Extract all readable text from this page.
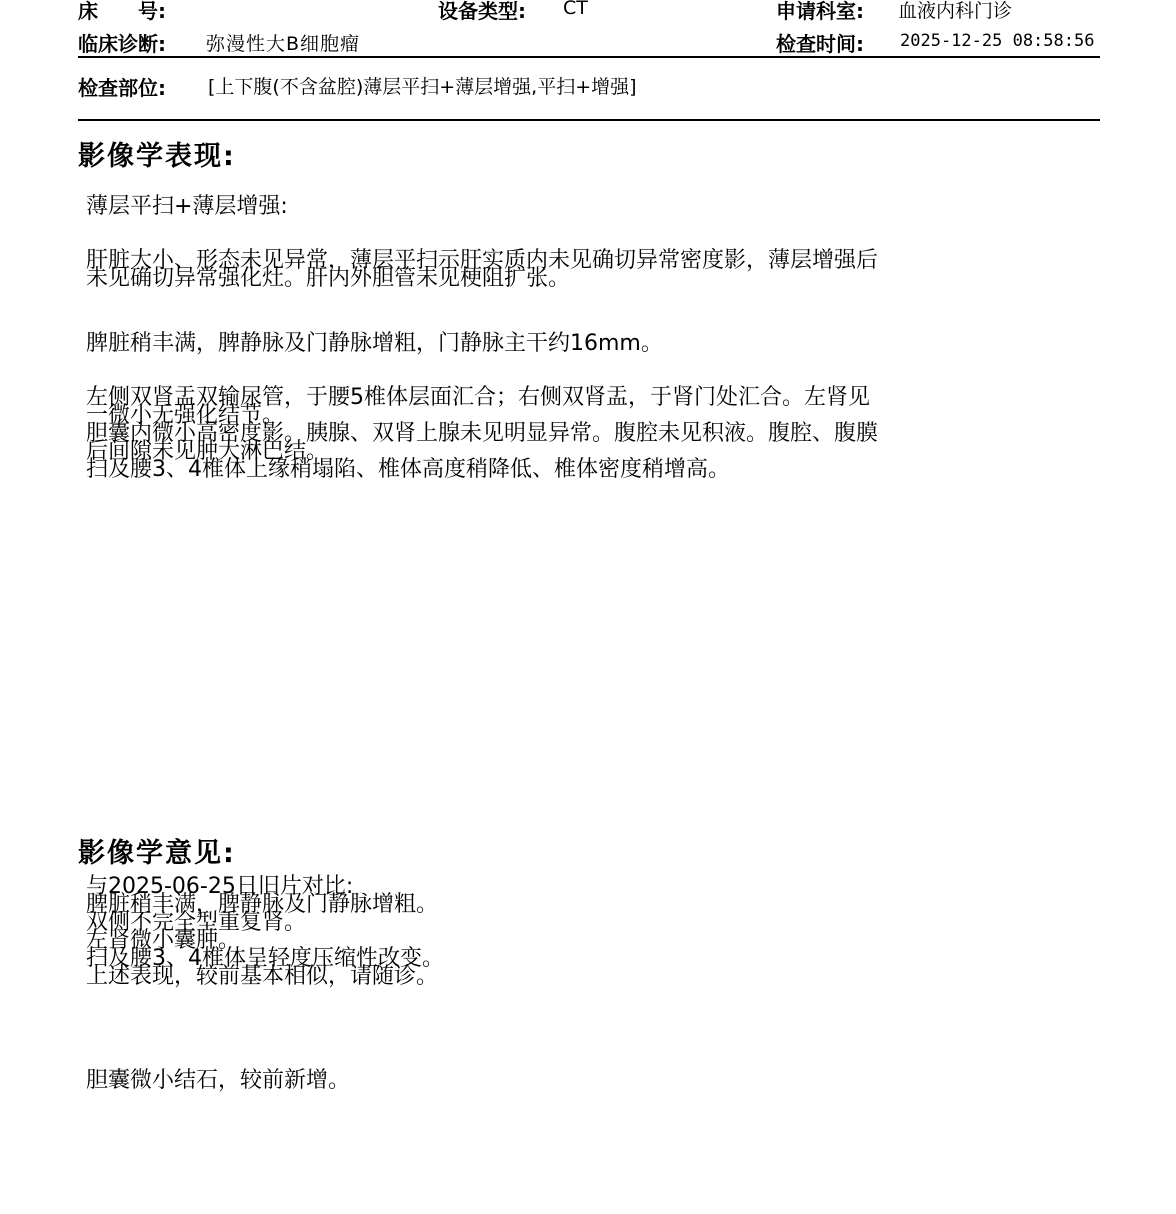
床　　号:	设备类型: CT	申请科室: 血液内科门诊
临床诊断: 弥漫性大B细胞瘤	检查时间: 2025-12-25 08:58:56
检查部位: [上下腹(不含盆腔)薄层平扫+薄层增强,平扫+增强]
影像学表现:
薄层平扫+薄层增强:
肝脏大小、形态未见异常，薄层平扫示肝实质内未见确切异常密度影，薄层增强后
未见确切异常强化灶。肝内外胆管未见梗阻扩张。
脾脏稍丰满，脾静脉及门静脉增粗，门静脉主干约16mm。
左侧双肾盂双输尿管，于腰5椎体层面汇合；右侧双肾盂，于肾门处汇合。左肾见
一微小无强化结节。
胆囊内微小高密度影。胰腺、双肾上腺未见明显异常。腹腔未见积液。腹腔、腹膜
后间隙未见肿大淋巴结。
扫及腰3、4椎体上缘稍塌陷、椎体高度稍降低、椎体密度稍增高。
影像学意见:
与2025-06-25日旧片对比:
脾脏稍丰满，脾静脉及门静脉增粗。
双侧不完全型重复肾。
左肾微小囊肿。
扫及腰3、4椎体呈轻度压缩性改变。
上述表现，较前基本相似，请随诊。
胆囊微小结石，较前新增。
